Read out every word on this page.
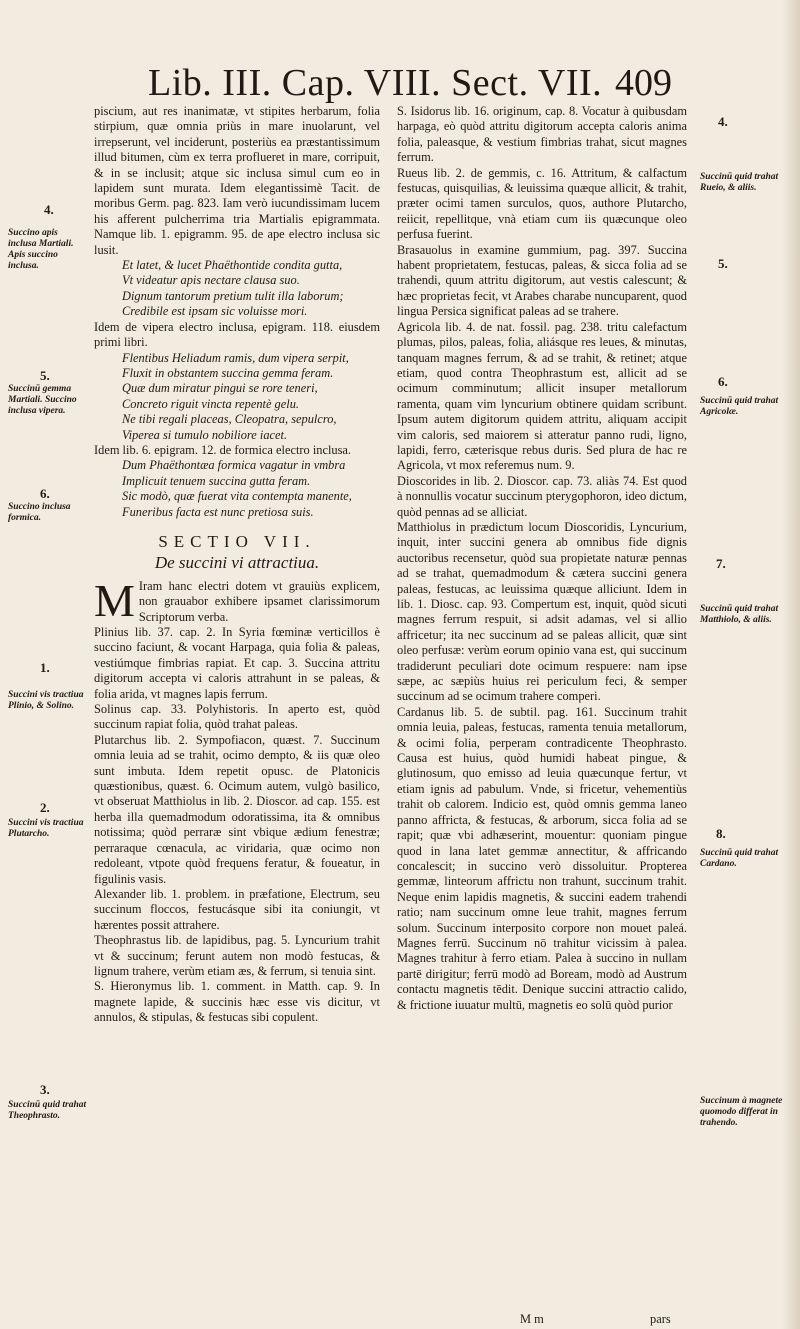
Lib. III. Cap. VIII. Sect. VII. 409
4.
Succino apis inclusa Martiali. Apis succino inclusa.
5.
Succinū gemma Martiali. Succino inclusa vipera.
6.
Succino inclusa formica.
1.
Succini vis tractiua Plinio, & Solino.
2.
Succini vis tractiua Plutarcho.
3.
Succinū quid trahat Theophrasto.

piscium, aut res inanimatæ, vt stipites herbarum, folia stirpium, quæ omnia priùs in mare inuolarunt, vel irrepserunt, vel inciderunt, posteriùs ea præstantissimum illud bitumen, cùm ex terra proflueret in mare, corripuit, & in se inclusit; atque sic inclusa simul cum eo in lapidem sunt murata. Idem elegantissimè Tacit. de moribus Germ. pag. 823. Iam verò iucundissimam lucem his afferent pulcherrima tria Martialis epigrammata. Namque lib. 1. epigramm. 95. de ape electro inclusa sic lusit.

Et latet, & lucet Phaëthontide condita gutta,
Vt videatur apis nectare clausa suo.
Dignum tantorum pretium tulit illa laborum;
Credibile est ipsam sic voluisse mori.

Idem de vipera electro inclusa, epigram. 118. eiusdem primi libri.

Flentibus Heliadum ramis, dum vipera serpit,
Fluxit in obstantem succina gemma feram.
Quæ dum miratur pingui se rore teneri,
Concreto riguit vincta repentè gelu.
Ne tibi regali placeas, Cleopatra, sepulcro,
Viperea si tumulo nobiliore iacet.

Idem lib. 6. epigram. 12. de formica electro inclusa.

Dum Phaëthontæa formica vagatur in vmbra
Implicuit tenuem succina gutta feram.
Sic modò, quæ fuerat vita contempta manente,
Funeribus facta est nunc pretiosa suis.
SECTIO VII.
De succini vi attractiua.

M Iram hanc electri dotem vt grauiùs explicem, non grauabor exhibere ipsamet clarissimorum Scriptorum verba.

Plinius lib. 37. cap. 2. In Syria fœminæ verticillos è succino faciunt, & vocant Harpaga, quia folia & paleas, vestiúmque fimbrias rapiat. Et cap. 3. Succina attritu digitorum accepta vi caloris attrahunt in se paleas, & folia arida, vt magnes lapis ferrum.

Solinus cap. 33. Polyhistoris. In aperto est, quòd succinum rapiat folia, quòd trahat paleas.

Plutarchus lib. 2. Sympofiacon, quæst. 7. Succinum omnia leuia ad se trahit, ocimo dempto, & iis quæ oleo sunt imbuta. Idem repetit opusc. de Platonicis quæstionibus, quæst. 6. Ocimum autem, vulgò basilico, vt obseruat Matthiolus in lib. 2. Dioscor. ad cap. 155. est herba illa quemadmodum odoratissima, ita & omnibus notissima; quòd perraræ sint vbique ædium fenestræ; perraraque cœnacula, ac viridaria, quæ ocimo non redoleant, vtpote quòd frequens feratur, & foueatur, in figulinis vasis.

Alexander lib. 1. problem. in præfatione, Electrum, seu succinum floccos, festucásque sibi ita coniungit, vt hærentes possit attrahere.

Theophrastus lib. de lapidibus, pag. 5. Lyncurium trahit vt & succinum; ferunt autem non modò festucas, & lignum trahere, verùm etiam æs, & ferrum, si tenuia sint.

S. Hieronymus lib. 1. comment. in Matth. cap. 9. In magnete lapide, & succinis hæc esse vis dicitur, vt annulos, & stipulas, & festucas sibi copulent.

S. Isidorus lib. 16. originum, cap. 8. Vocatur à quibusdam harpaga, eò quòd attritu digitorum accepta caloris anima folia, paleasque, & vestium fimbrias trahat, sicut magnes ferrum.

Rueus lib. 2. de gemmis, c. 16. Attritum, & calfactum festucas, quisquilias, & leuissima quæque allicit, & trahit, præter ocimi tamen surculos, quos, authore Plutarcho, reiicit, repellitque, vnà etiam cum iis quæcunque oleo perfusa fuerint.

Brasauolus in examine gummium, pag. 397. Succina habent proprietatem, festucas, paleas, & sicca folia ad se trahendi, quum attritu digitorum, aut vestis calescunt; & hæc proprietas fecit, vt Arabes charabe nuncuparent, quod lingua Persica significat paleas ad se trahere.

Agricola lib. 4. de nat. fossil. pag. 238. tritu calefactum plumas, pilos, paleas, folia, aliásque res leues, & minutas, tanquam magnes ferrum, & ad se trahit, & retinet; atque etiam, quod contra Theophrastum est, allicit ad se ocimum comminutum; allicit insuper metallorum ramenta, quam vim lyncurium obtinere quidam scribunt. Ipsum autem digitorum quidem attritu, aliquam accipit vim caloris, sed maiorem si atteratur panno rudi, ligno, lapidi, ferro, cæterisque rebus duris. Sed plura de hac re Agricola, vt mox referemus num. 9.

Dioscorides in lib. 2. Dioscor. cap. 73. aliàs 74. Est quod à nonnullis vocatur succinum pterygophoron, ideo dictum, quòd pennas ad se alliciat.

Matthiolus in prædictum locum Dioscoridis, Lyncurium, inquit, inter succini genera ab omnibus fide dignis auctoribus recensetur, quòd sua propietate naturæ pennas ad se trahat, quemadmodum & cætera succini genera paleas, festucas, ac leuissima quæque alliciunt. Idem in lib. 1. Diosc. cap. 93. Compertum est, inquit, quòd sicuti magnes ferrum respuit, si adsit adamas, vel si allio affricetur; ita nec succinum ad se paleas allicit, quæ sint oleo perfusæ: verùm eorum opinio vana est, qui succinum tradiderunt peculiari dote ocimum respuere: nam ipse sæpe, ac sæpiùs huius rei periculum feci, & semper succinum ad se ocimum trahere comperi.

Cardanus lib. 5. de subtil. pag. 161. Succinum trahit omnia leuia, paleas, festucas, ramenta tenuia metallorum, & ocimi folia, perperam contradicente Theophrasto. Causa est huius, quòd humidi habeat pingue, & glutinosum, quo emisso ad leuia quæcunque fertur, vt etiam ignis ad pabulum. Vnde, si fricetur, vehementiùs trahit ob calorem. Indicio est, quòd omnis gemma laneo panno affricta, & festucas, & arborum, sicca folia ad se rapit; quæ vbi adhæserint, mouentur: quoniam pingue quod in lana latet gemmæ annectitur, & affricando concalescit; in succino verò dissoluitur. Propterea gemmæ, linteorum affrictu non trahunt, succinum trahit. Neque enim lapidis magnetis, & succini eadem trahendi ratio; nam succinum omne leue trahit, magnes ferrum solum. Succinum interposito corpore non mouet paleá. Magnes ferrū. Succinum nō trahitur vicissim à palea. Magnes trahitur à ferro etiam. Palea à succino in nullam partē dirigitur; ferrū modò ad Boream, modò ad Austrum contactu magnetis tēdit. Denique succini attractio calido, & frictione iuuatur multū, magnetis eo solū quòd purior

4.
Succinū quid trahat Rueio, & aliis.
5.
6.
Succinū quid trahat Agricolæ.
7.
Succinū quid trahat Matthiolo, & aliis.
8.
Succinū quid trahat Cardano.
Succinum à magnete quomodo differat in trahendo.
M m	pars
